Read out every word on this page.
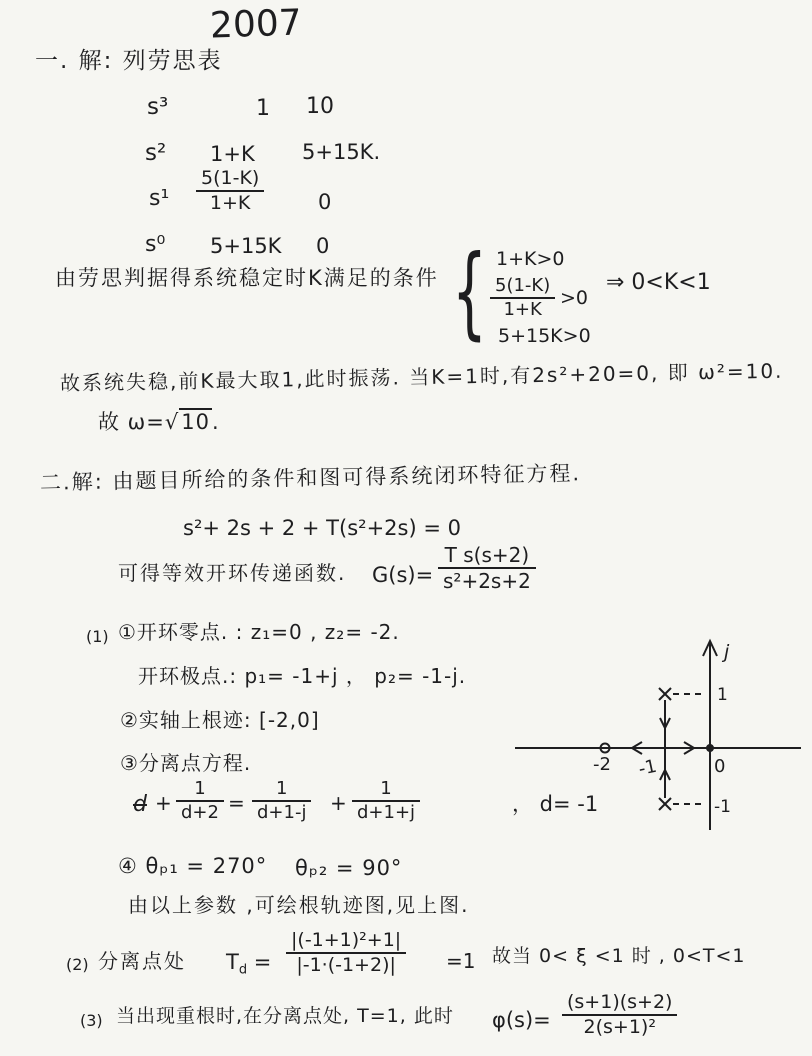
2007
一. 解: 列劳思表
s³	1 10
s² 1+K 5+15K.
$s^1 \frac{5(1-K)}{1+K}$	0
s⁰ 5+15K 0
由劳思判据得系统稳定时K满足的条件 { 1+K>0
$\frac{5(1-K)}{1+K} >0$
5+15K>0
⇒ 0<K<1
故系统失稳,前K最大取1,此时振荡. 当K=1时,有2s²+20=0, 即 ω²=10.
故 ω=√10.
二.解: 由题目所给的条件和图可得系统闭环特征方程.
s²+ 2s + 2 + T(s²+2s) = 0
可得等效开环传递函数. $G(s)= \frac{\text{T s(s+2)}}{\text{s²+2s+2}}$
(1) ①开环零点. : z₁=0 , z₂= -2.
开环极点.: p₁= -1+j ， p₂= -1-j.
②实轴上根迹: [-2,0]
③分离点方程.
$d + \frac{1}{d+2} = \frac{1}{d+1-j} + \frac{1}{d+1+j}$	， d= -1
④ θₚ₁ = 270° θₚ₂ = 90°
由以上参数 ,可绘根轨迹图,见上图.
(2) 分离点处 $T_d = \frac{\text{|(-1+1)²+1|}}{|-1\cdot(-1+2)|} =1$ 故当 0< ξ <1 时 , 0<T<1
(3) 当出现重根时,在分离点处, T=1, 此时 $\varphi(s)= \frac{(s+1)(s+2)}{\text{2(s+1)²}}$
j
1
-1
-2 -1	0
